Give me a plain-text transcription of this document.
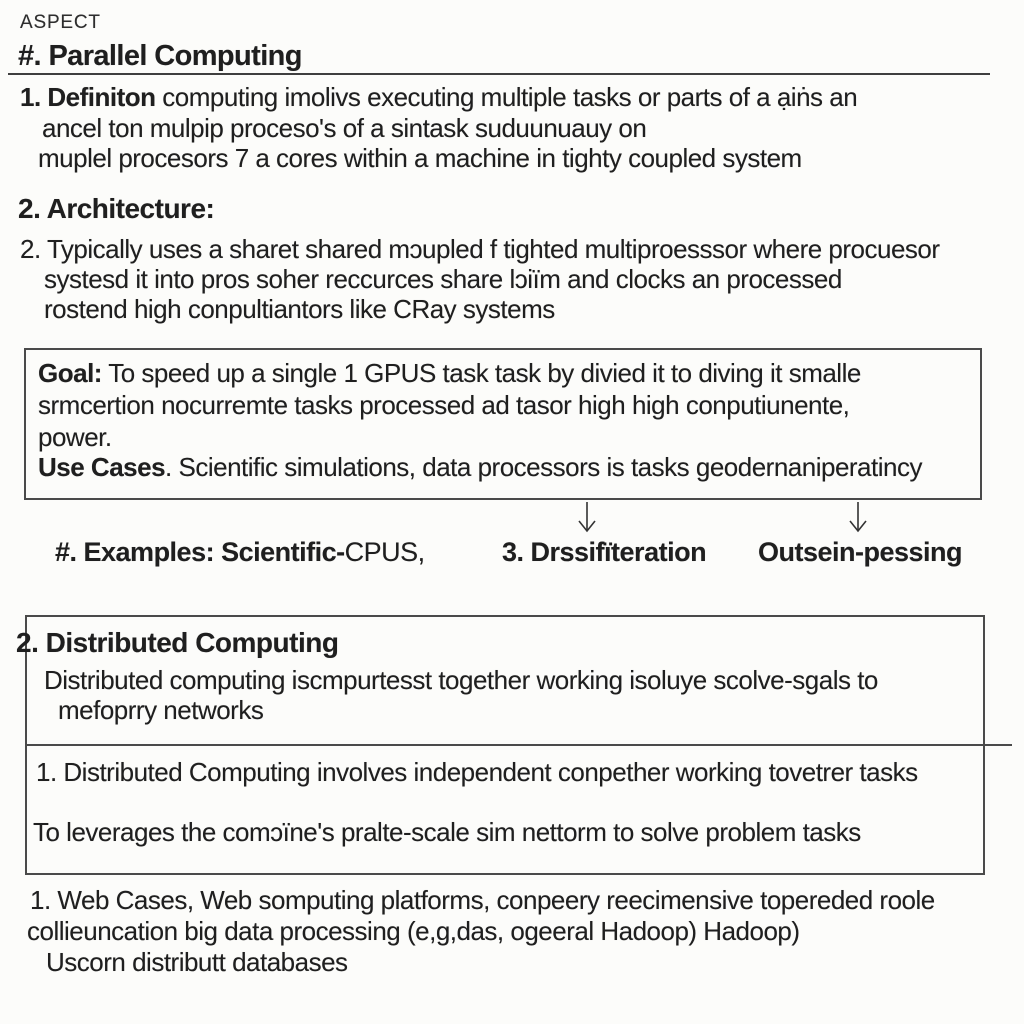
ASPECT
#. Parallel Computing
1. Definiton computing imolivs executing multiple tasks or parts of a ạiṅs an
ancel ton mulpip proceso's of a sintask suduunuauy on
muplel procesors 7 a cores within a machine in tighty coupled system
2. Architecture:
2. Typically uses a sharet shared mɔupled f tighted multiproesssor where procuesor
systesd it into pros soher reccurces share lɔiïm and clocks an processed
rostend high conpultiantors like CRay systems
Goal: To speed up a single 1 GPUS task task by divied it to diving it smalle
srmcertion nocurremte tasks processed ad tasor high high conputiunente,
power.
Use Cases. Scientific simulations, data processors is tasks geodernaniperatincy
#. Examples: Scientific-CPUS,	3. Drssifïteration Outsein-pessing
2. Distributed Computing
Distributed computing iscmpurtesst together working isoluye scolve-sgals to
mefoprry networks
1. Distributed Computing involves independent conpether working tovetrer tasks
To leverages the comɔïne's pralte-scale sim nettorm to solve problem tasks
1. Web Cases, Web somputing platforms, conpeery reecimensive topereded roole
collieuncation big data processing (e,g,das, ogeeral Hadoop) Hadoop)
Uscorn distributt databases
